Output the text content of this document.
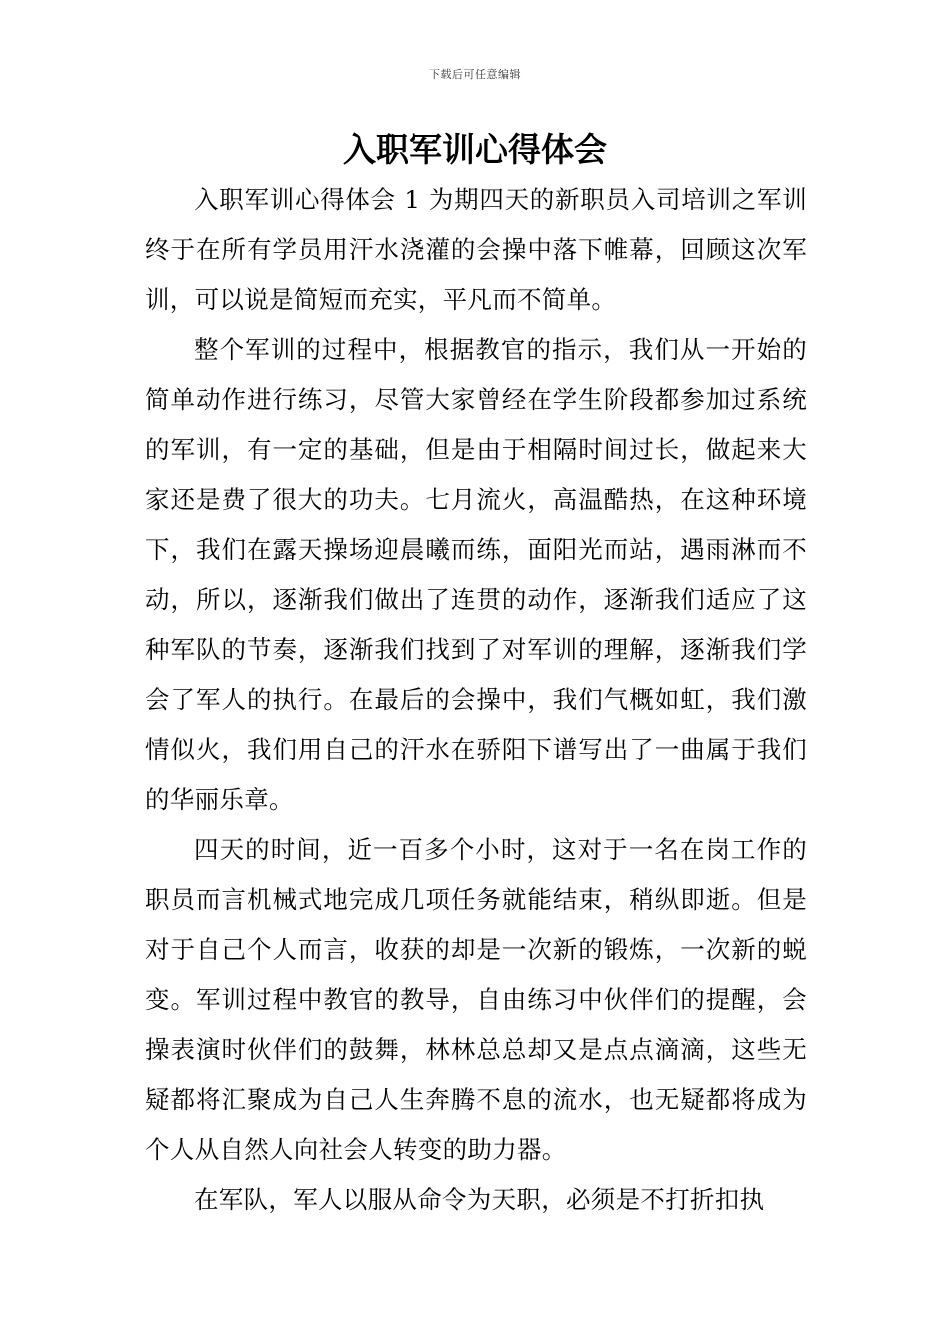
下载后可任意编辑
入职军训心得体会

入职军训心得体会 1 为期四天的新职员入司培训之军训终于在所有学员用汗水浇灌的会操中落下帷幕，回顾这次军训，可以说是简短而充实，平凡而不简单。

整个军训的过程中，根据教官的指示，我们从一开始的简单动作进行练习，尽管大家曾经在学生阶段都参加过系统的军训，有一定的基础，但是由于相隔时间过长，做起来大家还是费了很大的功夫。七月流火，高温酷热，在这种环境下，我们在露天操场迎晨曦而练，面阳光而站，遇雨淋而不动，所以，逐渐我们做出了连贯的动作，逐渐我们适应了这种军队的节奏，逐渐我们找到了对军训的理解，逐渐我们学会了军人的执行。在最后的会操中，我们气概如虹，我们激情似火，我们用自己的汗水在骄阳下谱写出了一曲属于我们的华丽乐章。

四天的时间，近一百多个小时，这对于一名在岗工作的职员而言机械式地完成几项任务就能结束，稍纵即逝。但是对于自己个人而言，收获的却是一次新的锻炼，一次新的蜕变。军训过程中教官的教导，自由练习中伙伴们的提醒，会操表演时伙伴们的鼓舞，林林总总却又是点点滴滴，这些无疑都将汇聚成为自己人生奔腾不息的流水，也无疑都将成为个人从自然人向社会人转变的助力器。

在军队，军人以服从命令为天职，必须是不打折扣执
